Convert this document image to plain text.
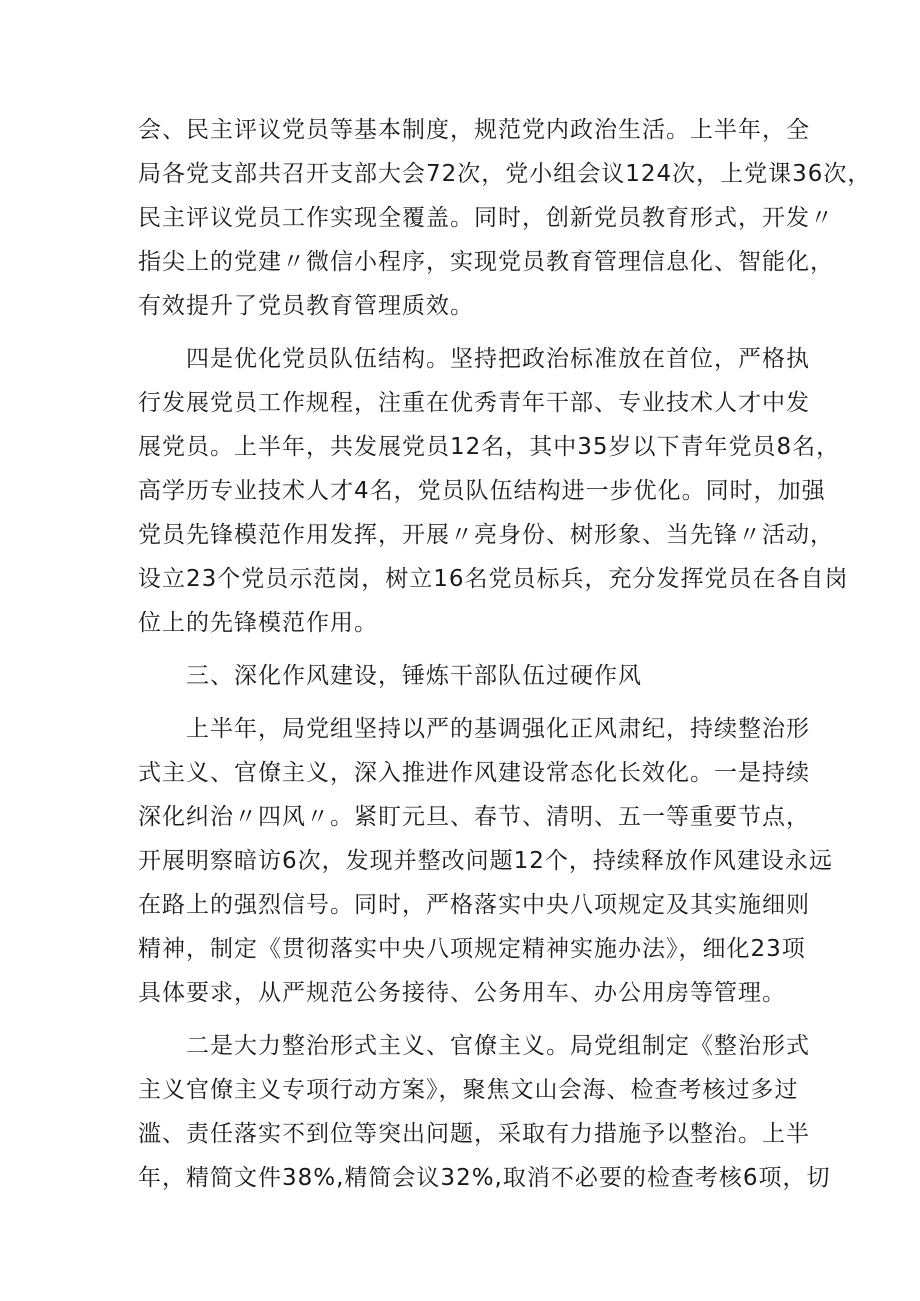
会、民主评议党员等基本制度，规范党内政治生活。上半年，全
局各党支部共召开支部大会72次，党小组会议124次，上党课36次，
民主评议党员工作实现全覆盖。同时，创新党员教育形式，开发〃
指尖上的党建〃微信小程序，实现党员教育管理信息化、智能化，
有效提升了党员教育管理质效。
　　四是优化党员队伍结构。坚持把政治标准放在首位，严格执
行发展党员工作规程，注重在优秀青年干部、专业技术人才中发
展党员。上半年，共发展党员12名，其中35岁以下青年党员8名，
高学历专业技术人才4名，党员队伍结构进一步优化。同时，加强
党员先锋模范作用发挥，开展〃亮身份、树形象、当先锋〃活动，
设立23个党员示范岗，树立16名党员标兵，充分发挥党员在各自岗
位上的先锋模范作用。
　　三、深化作风建设，锤炼干部队伍过硬作风
　　上半年，局党组坚持以严的基调强化正风肃纪，持续整治形
式主义、官僚主义，深入推进作风建设常态化长效化。一是持续
深化纠治〃四风〃。紧盯元旦、春节、清明、五一等重要节点，
开展明察暗访6次，发现并整改问题12个，持续释放作风建设永远
在路上的强烈信号。同时，严格落实中央八项规定及其实施细则
精神，制定《贯彻落实中央八项规定精神实施办法》，细化23项
具体要求，从严规范公务接待、公务用车、办公用房等管理。
　　二是大力整治形式主义、官僚主义。局党组制定《整治形式
主义官僚主义专项行动方案》，聚焦文山会海、检查考核过多过
滥、责任落实不到位等突出问题，采取有力措施予以整治。上半
年，精简文件38%,精简会议32%,取消不必要的检查考核6项，切
